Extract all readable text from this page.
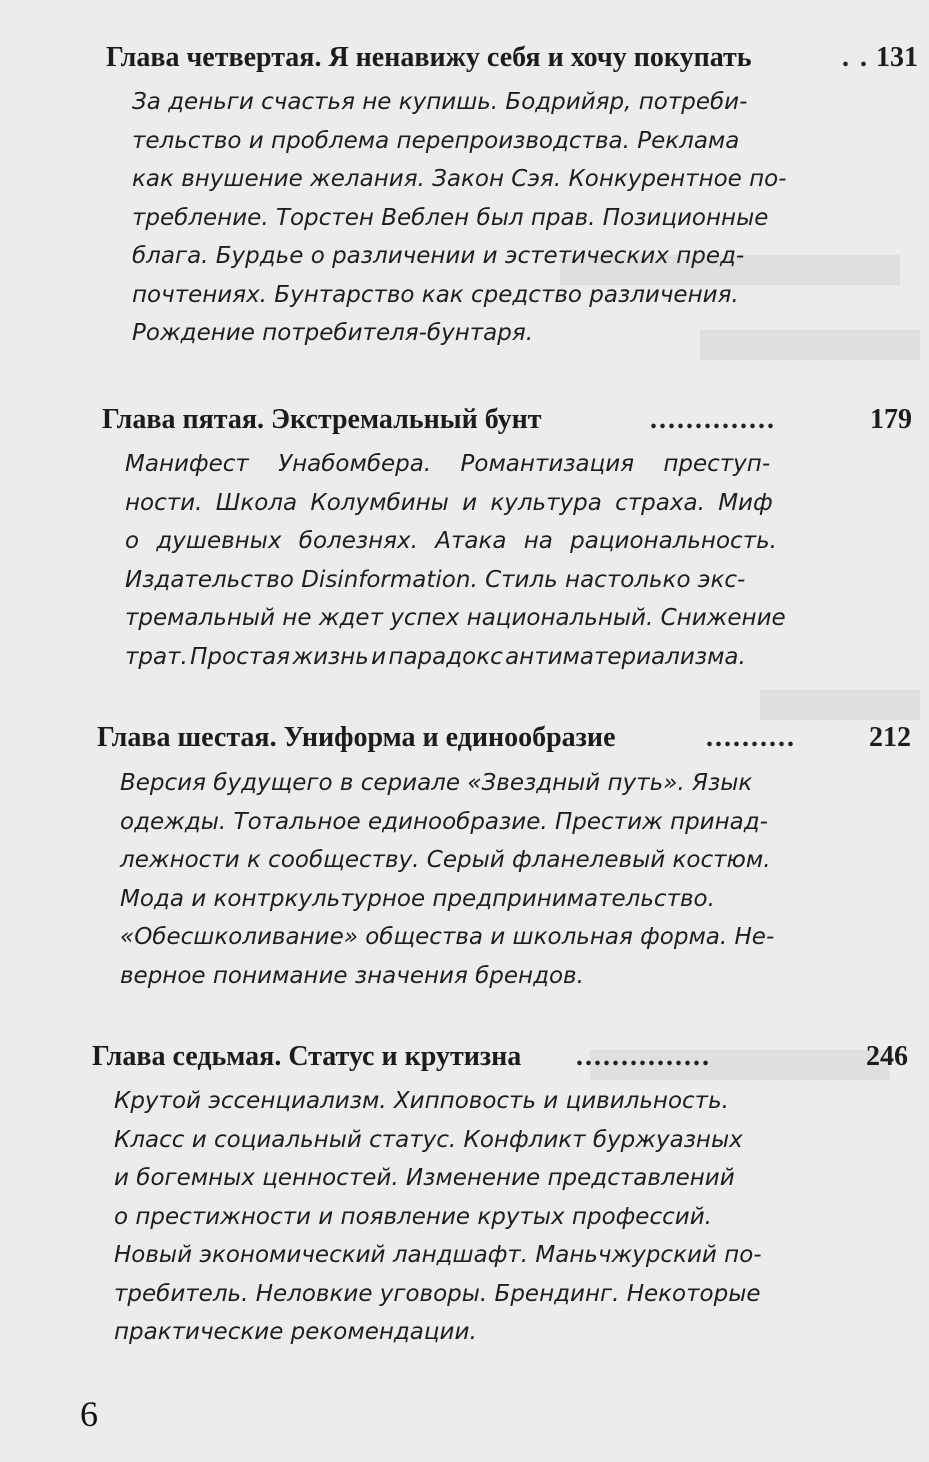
Глава четвертая. Я ненавижу себя и хочу покупать	. . 131
За деньги счастья не купишь. Бодрийяр, потреби-
тельство и проблема перепроизводства. Реклама
как внушение желания. Закон Сэя. Конкурентное по-
требление. Торстен Веблен был прав. Позиционные
блага. Бурдье о различении и эстетических пред-
почтениях. Бунтарство как средство различения.
Рождение потребителя-бунтаря.
Глава пятая. Экстремальный бунт	..............	179
Манифест Унабомбера. Романтизация преступ-
ности. Школа Колумбины и культура страха. Миф
о душевных болезнях. Атака на рациональность.
Издательство Disinformation. Стиль настолько экс-
тремальный не ждет успех национальный. Снижение
трат. Простая жизнь и парадокс антиматериализма.
Глава шестая. Униформа и единообразие	..........	212
Версия будущего в сериале «Звездный путь». Язык
одежды. Тотальное единообразие. Престиж принад-
лежности к сообществу. Серый фланелевый костюм.
Мода и контркультурное предпринимательство.
«Обесшколивание» общества и школьная форма. Не-
верное понимание значения брендов.
Глава седьмая. Статус и крутизна ...............	246
Крутой эссенциализм. Хипповость и цивильность.
Класс и социальный статус. Конфликт буржуазных
и богемных ценностей. Изменение представлений
о престижности и появление крутых профессий.
Новый экономический ландшафт. Маньчжурский по-
требитель. Неловкие уговоры. Брендинг. Некоторые
практические рекомендации.
6
